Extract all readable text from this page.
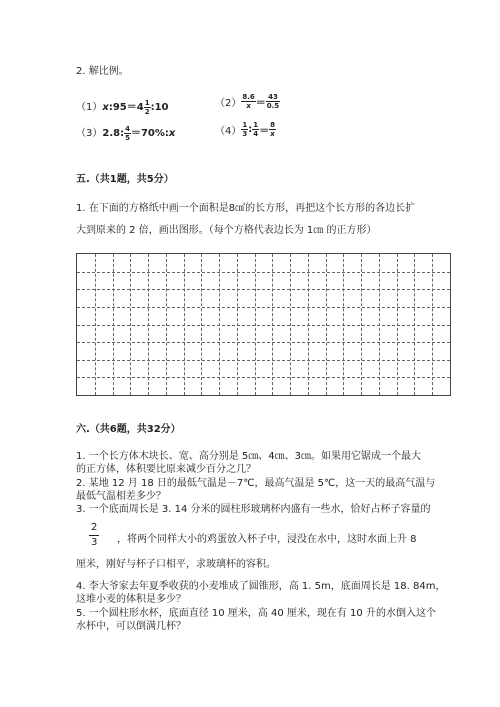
2. 解比例。
（1）x:95＝4 $\frac{1}{2}$ :10	$(2) \frac{8.6}{x} = \frac{43}{0.5}$
（3）2.8: $\frac{4}{5}$ ＝70%:x	$(4) \frac{1}{3}$ : $\frac{1}{4} = \frac{8}{x}$
五.（共1题，共5分）
1. 在下面的方格纸中画一个面积是8㎠的长方形，再把这个长方形的各边长扩
大到原来的 2 倍，画出图形。（每个方格代表边长为 1㎝ 的正方形）
六.（共6题，共32分）
1. 一个长方体木块长、宽、高分别是 5㎝、4㎝、3㎝。如果用它锯成一个最大
的正方体，体积要比原来减少百分之几？
2. 某地 12 月 18 日的最低气温是－7℃，最高气温是 5℃，这一天的最高气温与
最低气温相差多少？
3. 一个底面周长是 3. 14 分米的圆柱形玻璃杯内盛有一些水，恰好占杯子容量的
$\frac{2}{3}$ ，将两个同样大小的鸡蛋放入杯子中，浸没在水中，这时水面上升 8
厘米，刚好与杯子口相平，求玻璃杯的容积。
4. 李大爷家去年夏季收获的小麦堆成了圆锥形，高 1. 5m，底面周长是 18. 84m，
这堆小麦的体积是多少？
5. 一个圆柱形水杯，底面直径 10 厘米，高 40 厘米，现在有 10 升的水倒入这个
水杯中，可以倒满几杯？
